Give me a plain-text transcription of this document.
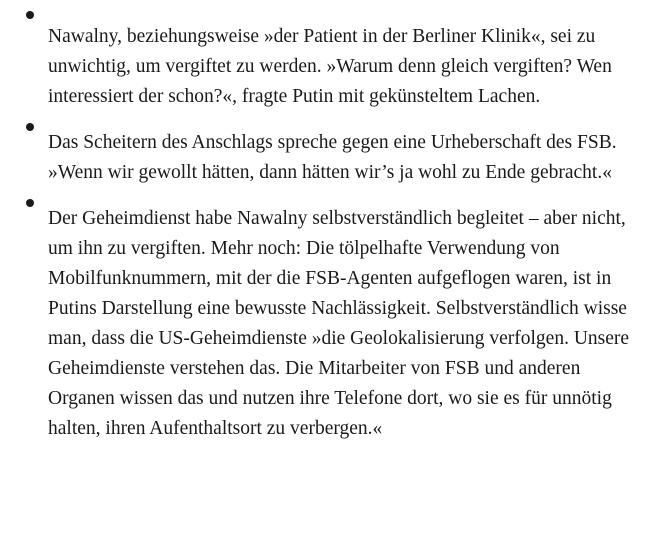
Nawalny, beziehungsweise »der Patient in der Berliner Klinik«, sei zu unwichtig, um vergiftet zu werden. »Warum denn gleich vergiften? Wen interessiert der schon?«, fragte Putin mit gekünsteltem Lachen.
Das Scheitern des Anschlags spreche gegen eine Urheberschaft des FSB. »Wenn wir gewollt hätten, dann hätten wir’s ja wohl zu Ende gebracht.«
Der Geheimdienst habe Nawalny selbstverständlich begleitet – aber nicht, um ihn zu vergiften. Mehr noch: Die tölpelhafte Verwendung von Mobilfunknummern, mit der die FSB-Agenten aufgeflogen waren, ist in Putins Darstellung eine bewusste Nachlässigkeit. Selbstverständlich wisse man, dass die US-Geheimdienste »die Geolokalisierung verfolgen. Unsere Geheimdienste verstehen das. Die Mitarbeiter von FSB und anderen Organen wissen das und nutzen ihre Telefone dort, wo sie es für unnötig halten, ihren Aufenthaltsort zu verbergen.«
